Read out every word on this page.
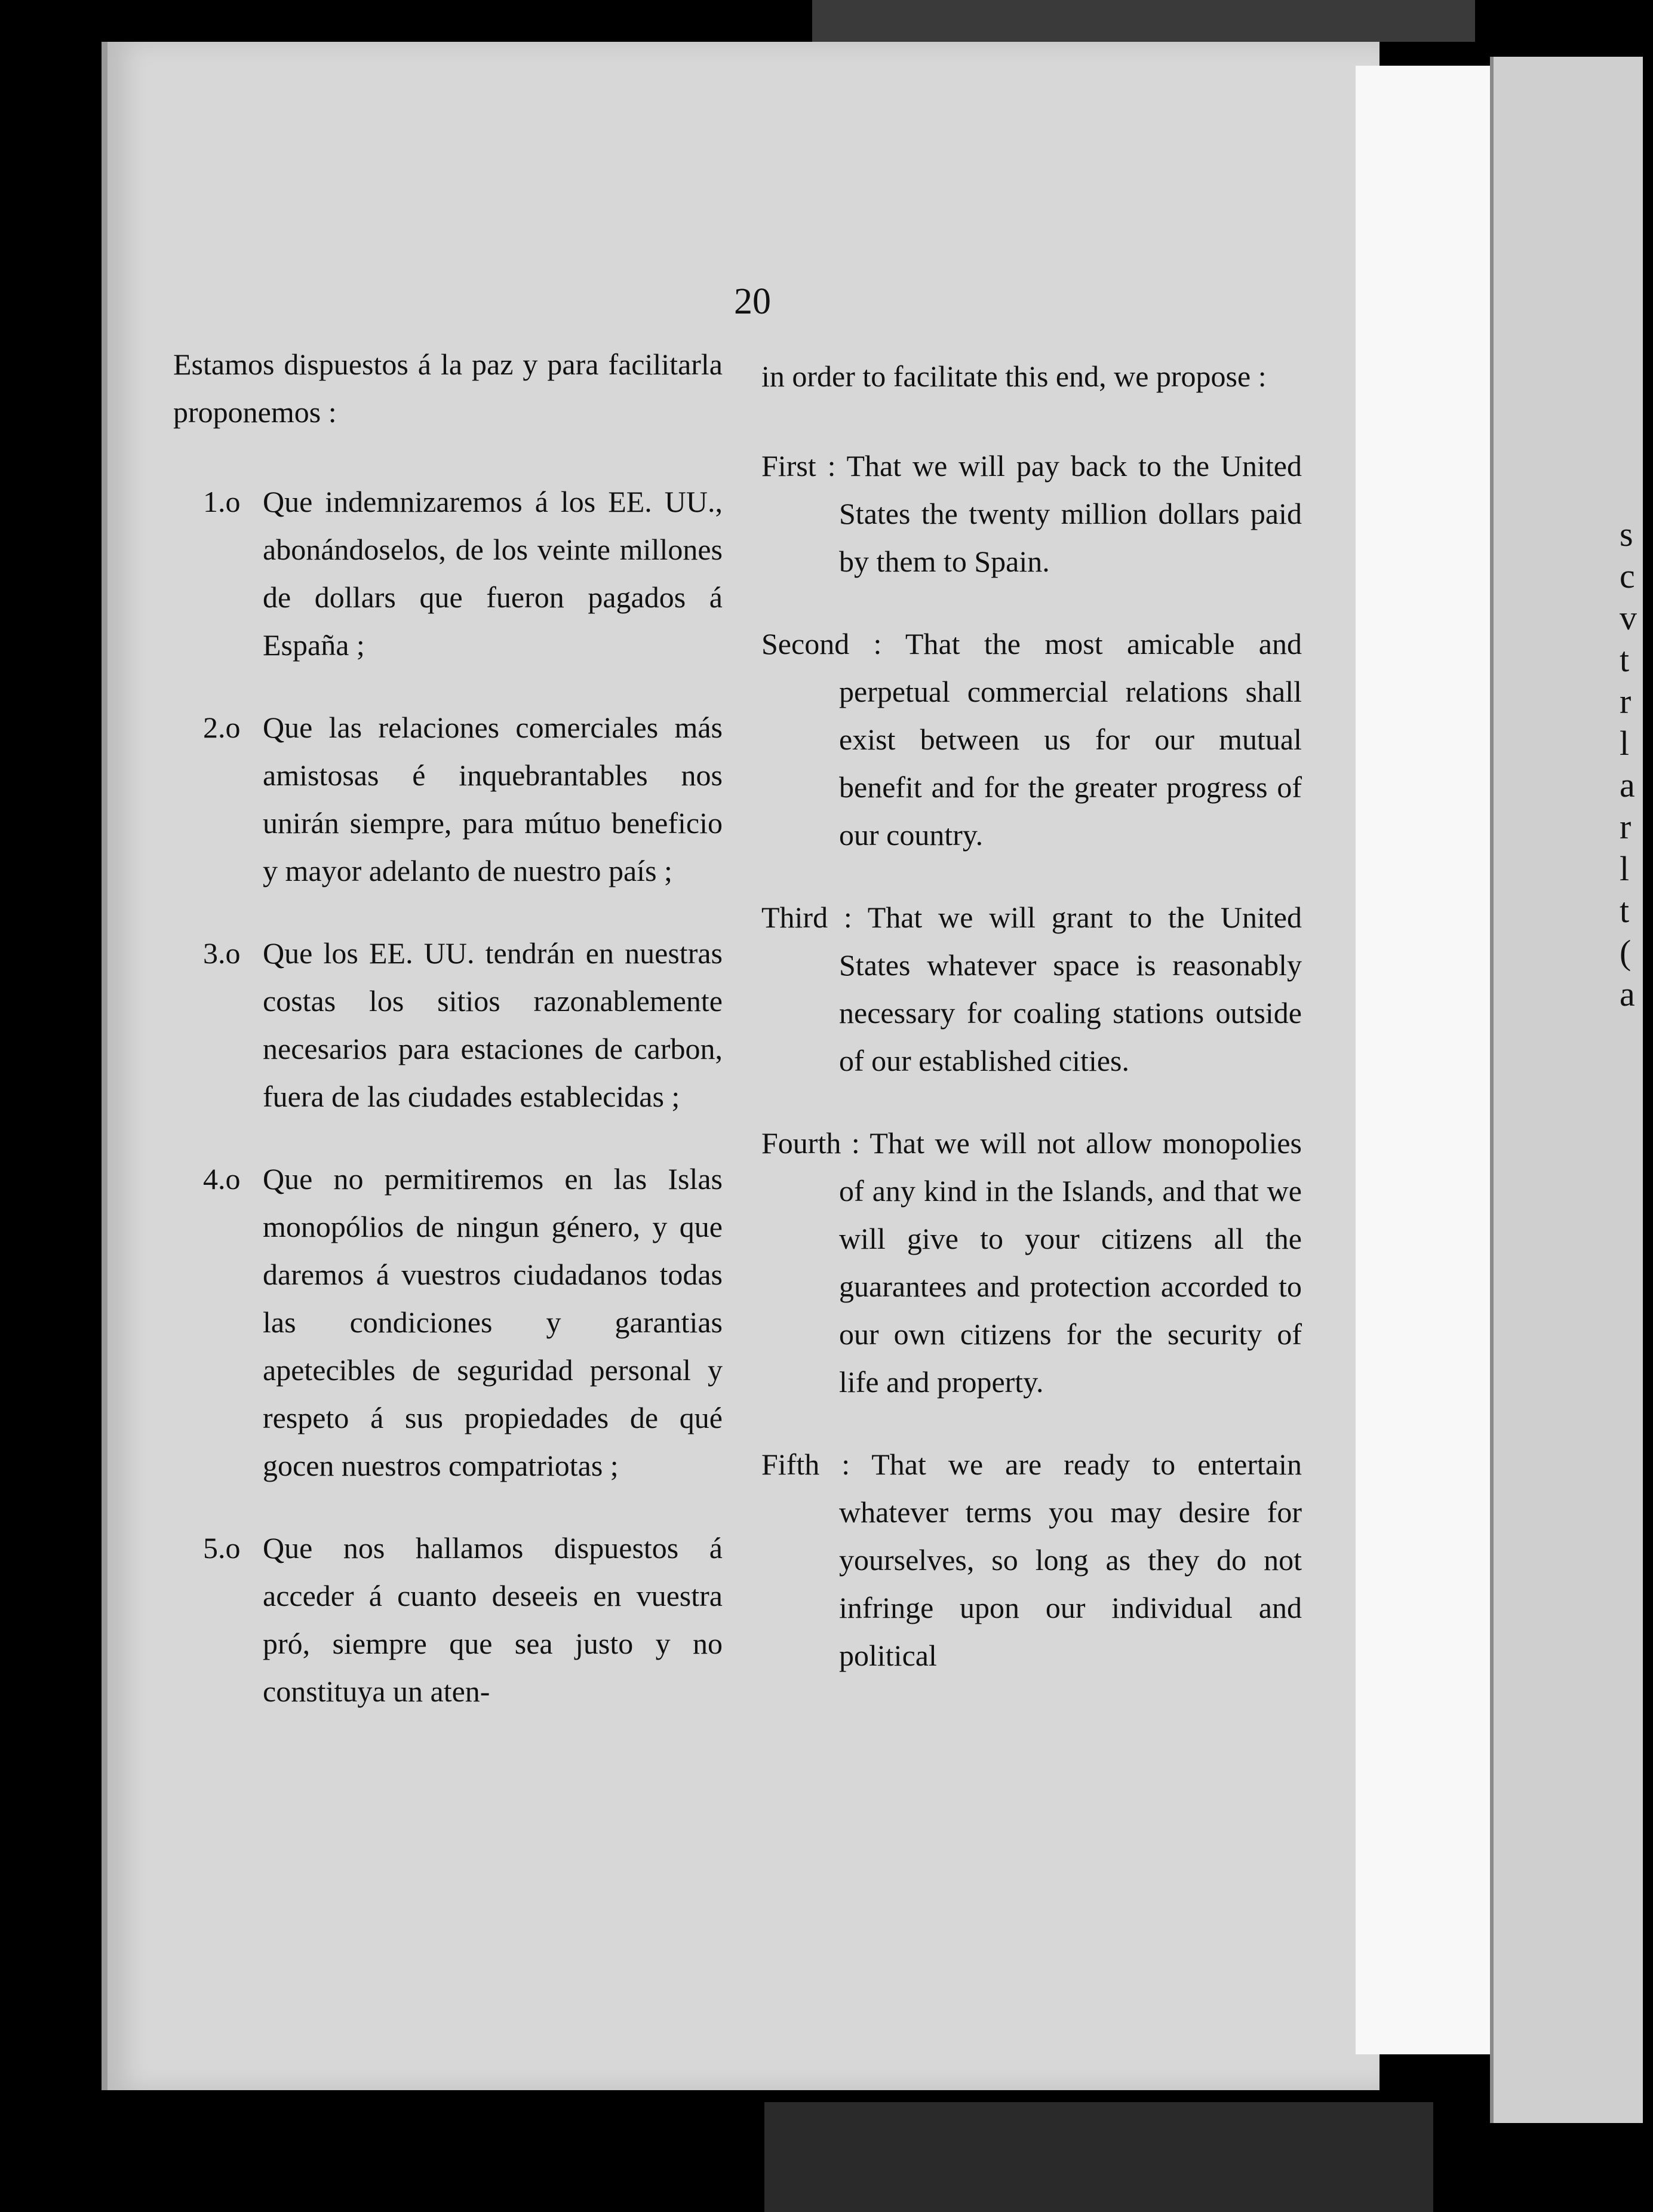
s
c
v
t
r
l
a
r
l
t
(
a
20

Estamos dispuestos á la paz y para facilitarla proponemos :

1.o Que indemnizaremos á los EE. UU., abonándoselos, de los veinte millones de dollars que fueron pagados á España ;
2.o Que las relaciones comerciales más amistosas é inquebrantables nos unirán siempre, para mútuo beneficio y mayor adelanto de nuestro país ;
3.o Que los EE. UU. tendrán en nuestras costas los sitios razonablemente necesarios para estaciones de carbon, fuera de las ciudades establecidas ;
4.o Que no permitiremos en las Islas monopólios de ningun género, y que daremos á vuestros ciudadanos todas las condiciones y garantias apetecibles de seguridad personal y respeto á sus propiedades de qué gocen nuestros compatriotas ;
5.o Que nos hallamos dispuestos á acceder á cuanto deseeis en vuestra pró, siempre que sea justo y no constituya un aten-

in order to facilitate this end, we propose :

First : That we will pay back to the United States the twenty million dollars paid by them to Spain.
Second : That the most amicable and perpetual commercial relations shall exist between us for our mutual benefit and for the greater progress of our country.
Third : That we will grant to the United States whatever space is reasonably necessary for coaling stations outside of our established cities.
Fourth : That we will not allow monopolies of any kind in the Islands, and that we will give to your citizens all the guarantees and protection accorded to our own citizens for the security of life and property.
Fifth : That we are ready to entertain whatever terms you may desire for yourselves, so long as they do not infringe upon our individual and political
